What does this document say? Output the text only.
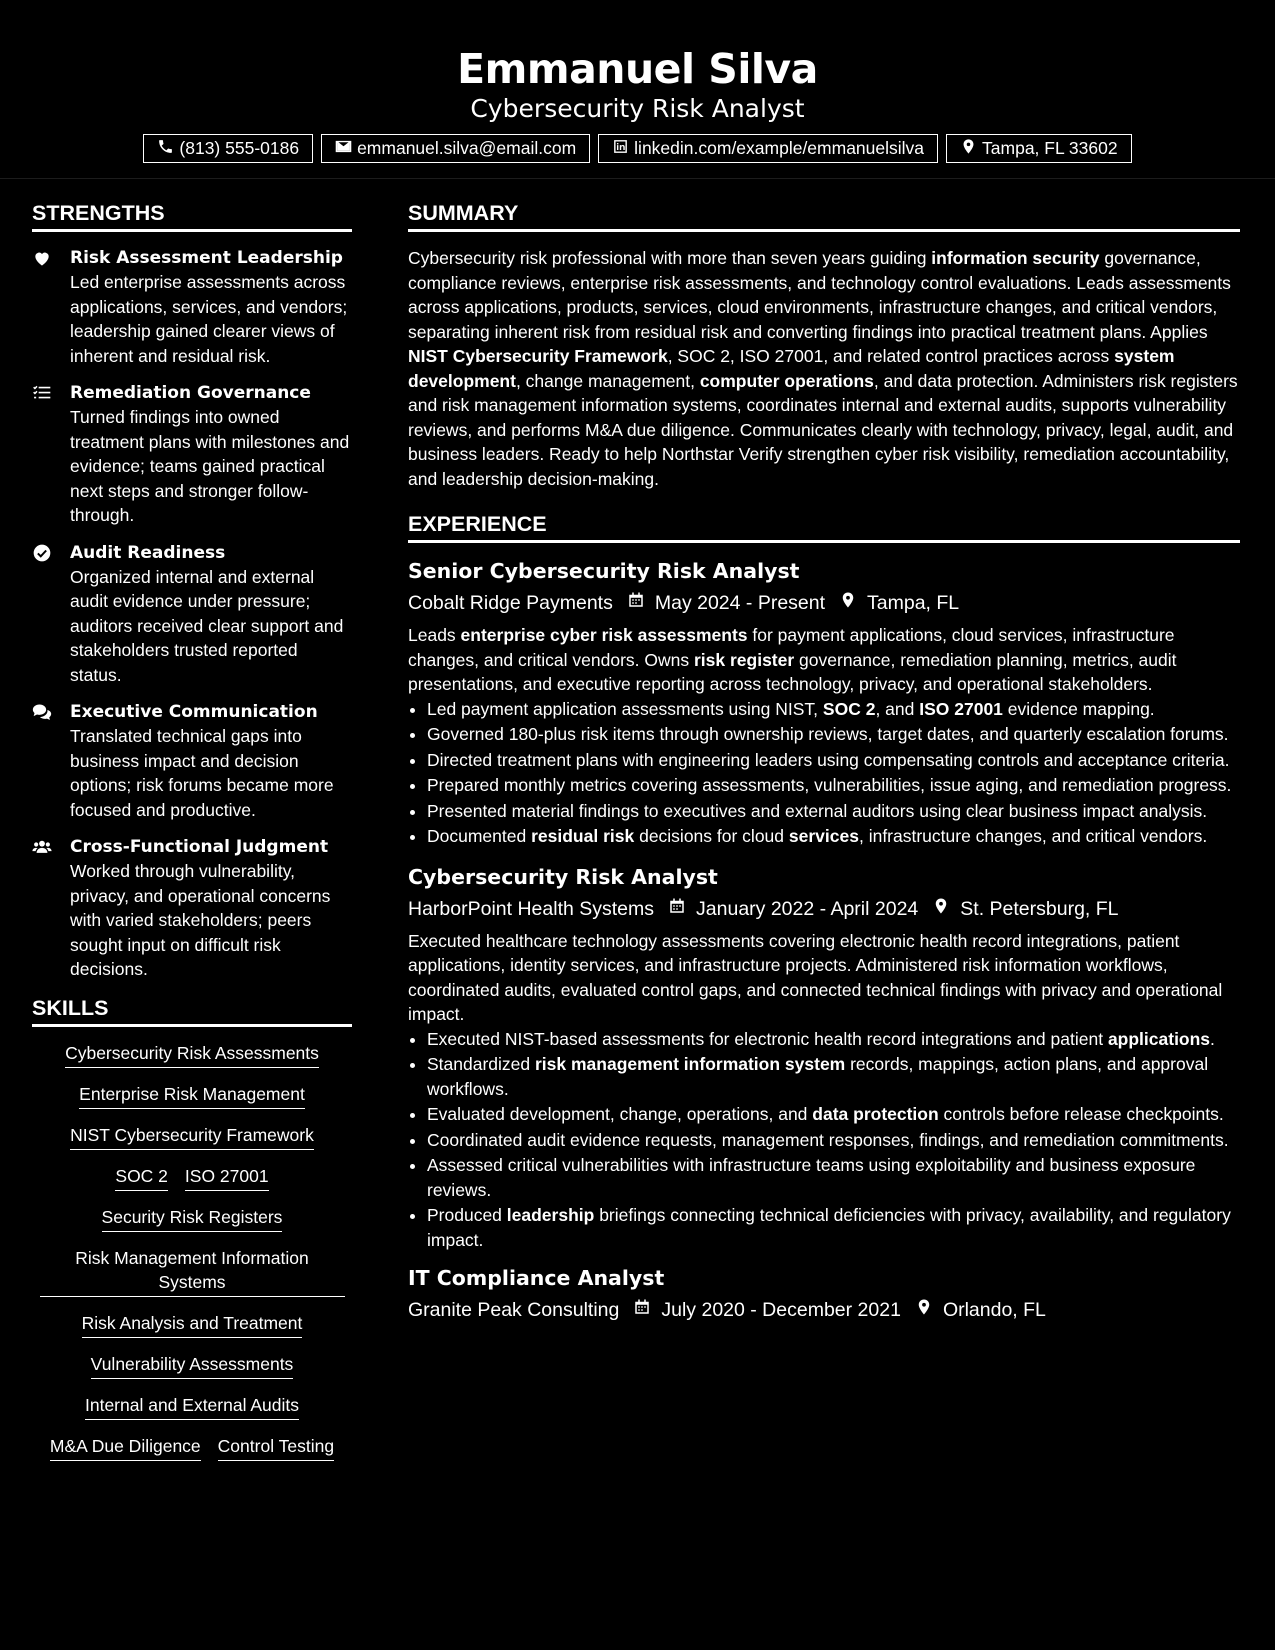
Emmanuel Silva
Cybersecurity Risk Analyst
(813) 555-0186	emmanuel.silva@email.com	linkedin.com/example/emmanuelsilva	Tampa, FL 33602
STRENGTHS
Risk Assessment Leadership
Led enterprise assessments across applications, services, and vendors; leadership gained clearer views of inherent and residual risk.
Remediation Governance
Turned findings into owned treatment plans with milestones and evidence; teams gained practical next steps and stronger follow-through.
Audit Readiness
Organized internal and external audit evidence under pressure; auditors received clear support and stakeholders trusted reported status.
Executive Communication
Translated technical gaps into business impact and decision options; risk forums became more focused and productive.
Cross-Functional Judgment
Worked through vulnerability, privacy, and operational concerns with varied stakeholders; peers sought input on difficult risk decisions.
SKILLS
Cybersecurity Risk Assessments
Enterprise Risk Management
NIST Cybersecurity Framework
SOC 2 ISO 27001
Security Risk Registers
Risk Management Information Systems
Risk Analysis and Treatment
Vulnerability Assessments
Internal and External Audits
M&A Due Diligence Control Testing
SUMMARY
Cybersecurity risk professional with more than seven years guiding information security governance, compliance reviews, enterprise risk assessments, and technology control evaluations. Leads assessments across applications, products, services, cloud environments, infrastructure changes, and critical vendors, separating inherent risk from residual risk and converting findings into practical treatment plans. Applies NIST Cybersecurity Framework, SOC 2, ISO 27001, and related control practices across system development, change management, computer operations, and data protection. Administers risk registers and risk management information systems, coordinates internal and external audits, supports vulnerability reviews, and performs M&A due diligence. Communicates clearly with technology, privacy, legal, audit, and business leaders. Ready to help Northstar Verify strengthen cyber risk visibility, remediation accountability, and leadership decision-making.
EXPERIENCE
Senior Cybersecurity Risk Analyst
Cobalt Ridge Payments May 2024 - Present Tampa, FL
Leads enterprise cyber risk assessments for payment applications, cloud services, infrastructure changes, and critical vendors. Owns risk register governance, remediation planning, metrics, audit presentations, and executive reporting across technology, privacy, and operational stakeholders.
• Led payment application assessments using NIST, SOC 2, and ISO 27001 evidence mapping.
• Governed 180-plus risk items through ownership reviews, target dates, and quarterly escalation forums.
• Directed treatment plans with engineering leaders using compensating controls and acceptance criteria.
• Prepared monthly metrics covering assessments, vulnerabilities, issue aging, and remediation progress.
• Presented material findings to executives and external auditors using clear business impact analysis.
• Documented residual risk decisions for cloud services, infrastructure changes, and critical vendors.
Cybersecurity Risk Analyst
HarborPoint Health Systems January 2022 - April 2024 St. Petersburg, FL
Executed healthcare technology assessments covering electronic health record integrations, patient applications, identity services, and infrastructure projects. Administered risk information workflows, coordinated audits, evaluated control gaps, and connected technical findings with privacy and operational impact.
• Executed NIST-based assessments for electronic health record integrations and patient applications.
• Standardized risk management information system records, mappings, action plans, and approval workflows.
• Evaluated development, change, operations, and data protection controls before release checkpoints.
• Coordinated audit evidence requests, management responses, findings, and remediation commitments.
• Assessed critical vulnerabilities with infrastructure teams using exploitability and business exposure reviews.
• Produced leadership briefings connecting technical deficiencies with privacy, availability, and regulatory impact.
IT Compliance Analyst
Granite Peak Consulting July 2020 - December 2021 Orlando, FL
